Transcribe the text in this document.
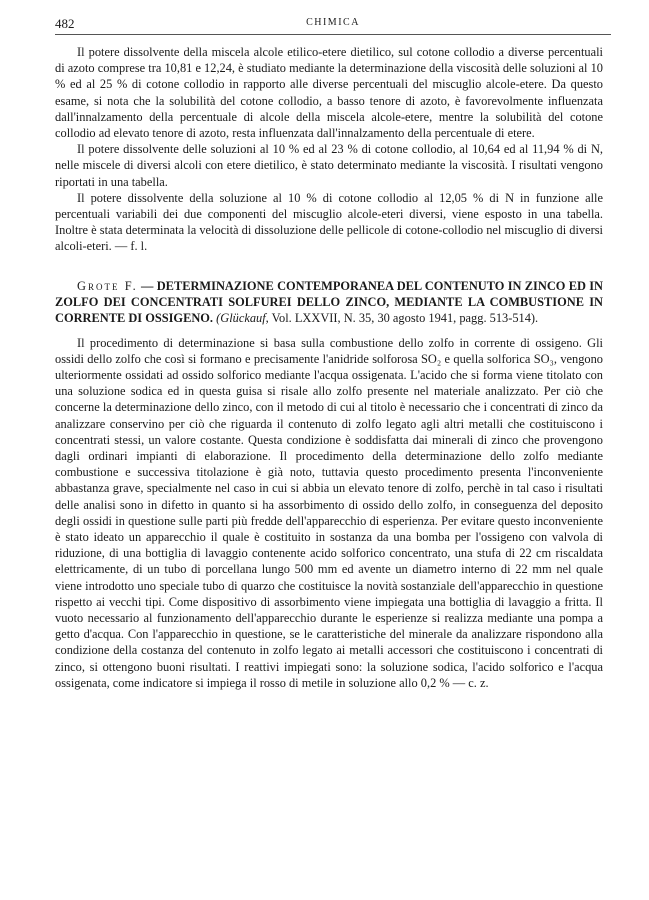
482	CHIMICA

Il potere dissolvente della miscela alcole etilico-etere dietilico, sul cotone collodio a diverse percentuali di azoto comprese tra 10,81 e 12,24, è studiato mediante la determinazione della viscosità delle soluzioni al 10 % ed al 25 % di cotone collodio in rapporto alle diverse percentuali del miscuglio alcole-etere. Da questo esame, si nota che la solubilità del cotone collodio, a basso tenore di azoto, è favorevolmente influenzata dall'innalzamento della percentuale di alcole della miscela alcole-etere, mentre la solubilità del cotone collodio ad elevato tenore di azoto, resta influenzata dall'innalzamento della percentuale di etere.

Il potere dissolvente delle soluzioni al 10 % ed al 23 % di cotone collodio, al 10,64 ed al 11,94 % di N, nelle miscele di diversi alcoli con etere dietilico, è stato determinato mediante la viscosità. I risultati vengono riportati in una tabella.

Il potere dissolvente della soluzione al 10 % di cotone collodio al 12,05 % di N in funzione alle percentuali variabili dei due componenti del miscuglio alcole-eteri diversi, viene esposto in una tabella. Inoltre è stata determinata la velocità di dissoluzione delle pellicole di cotone-collodio nel miscuglio di diversi alcoli-eteri. — f. l.

Grote F. — DETERMINAZIONE CONTEMPORANEA DEL CONTENUTO IN ZINCO ED IN ZOLFO DEI CONCENTRATI SOLFUREI DELLO ZINCO, MEDIANTE LA COMBUSTIONE IN CORRENTE DI OSSIGENO. (Glückauf, Vol. LXXVII, N. 35, 30 agosto 1941, pagg. 513-514).

Il procedimento di determinazione si basa sulla combustione dello zolfo in corrente di ossigeno. Gli ossidi dello zolfo che così si formano e precisamente l'anidride solforosa SO₂ e quella solforica SO₃, vengono ulteriormente ossidati ad ossido solforico mediante l'acqua ossigenata. L'acido che si forma viene titolato con una soluzione sodica ed in questa guisa si risale allo zolfo presente nel materiale analizzato. Per ciò che concerne la determinazione dello zinco, con il metodo di cui al titolo è necessario che i concentrati di zinco da analizzare conservino per ciò che riguarda il contenuto di zolfo legato agli altri metalli che costituiscono i concentrati stessi, un valore costante. Questa condizione è soddisfatta dai minerali di zinco che provengono dagli ordinari impianti di elaborazione. Il procedimento della determinazione dello zolfo mediante combustione e successiva titolazione è già noto, tuttavia questo procedimento presenta l'inconveniente abbastanza grave, specialmente nel caso in cui si abbia un elevato tenore di zolfo, perchè in tal caso i risultati delle analisi sono in difetto in quanto si ha assorbimento di ossido dello zolfo, in conseguenza del deposito degli ossidi in questione sulle parti più fredde dell'apparecchio di esperienza. Per evitare questo inconveniente è stato ideato un apparecchio il quale è costituito in sostanza da una bomba per l'ossigeno con valvola di riduzione, di una bottiglia di lavaggio contenente acido solforico concentrato, una stufa di 22 cm riscaldata elettricamente, di un tubo di porcellana lungo 500 mm ed avente un diametro interno di 22 mm nel quale viene introdotto uno speciale tubo di quarzo che costituisce la novità sostanziale dell'apparecchio in questione rispetto ai vecchi tipi. Come dispositivo di assorbimento viene impiegata una bottiglia di lavaggio a fritta. Il vuoto necessario al funzionamento dell'apparecchio durante le esperienze si realizza mediante una pompa a getto d'acqua. Con l'apparecchio in questione, se le caratteristiche del minerale da analizzare rispondono alla condizione della costanza del contenuto in zolfo legato ai metalli accessori che costituiscono i concentrati di zinco, si ottengono buoni risultati. I reattivi impiegati sono: la soluzione sodica, l'acido solforico e l'acqua ossigenata, come indicatore si impiega il rosso di metile in soluzione allo 0,2 % — c. z.
